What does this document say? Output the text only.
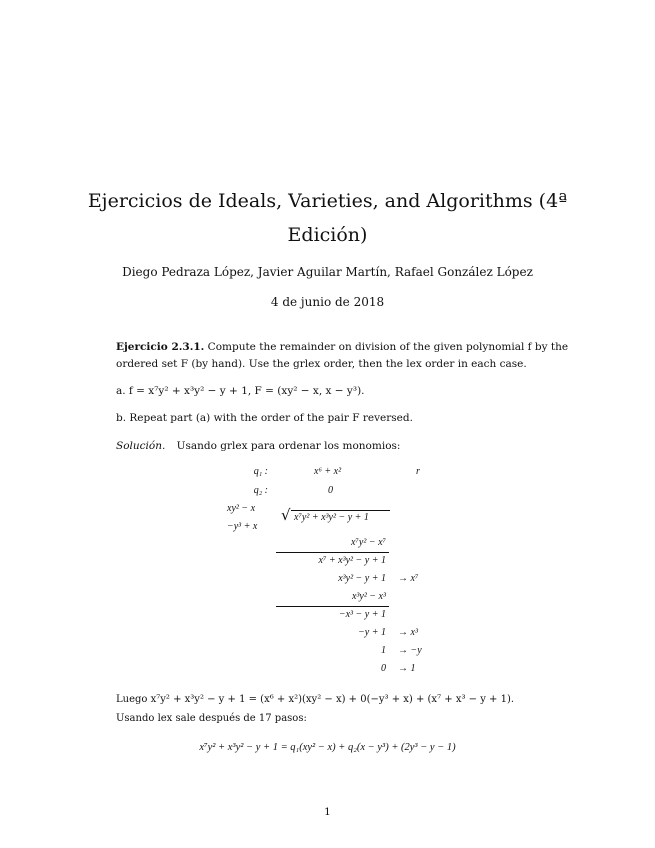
Ejercicios de Ideals, Varieties, and Algorithms (4ª
Edición)
Diego Pedraza López, Javier Aguilar Martín, Rafael González López
4 de junio de 2018
Ejercicio 2.3.1. Compute the remainder on division of the given polynomial f by the
ordered set F (by hand). Use the grlex order, then the lex order in each case.
a. f = x⁷y² + x³y² − y + 1, F = (xy² − x, x − y³).
b. Repeat part (a) with the order of the pair F reversed.
Solución. Usando grlex para ordenar los monomios:
q₁ :	x⁶ + x²	r
q₂ :	0
xy² − x
−y³ + x
√ x⁷y² + x³y² − y + 1
x⁷y² − x⁷
x⁷ + x³y² − y + 1
x³y² − y + 1 → x⁷
x³y² − x³
−x³ − y + 1
−y + 1 → x³
1 → −y
0 → 1
Luego x⁷y² + x³y² − y + 1 = (x⁶ + x²)(xy² − x) + 0(−y³ + x) + (x⁷ + x³ − y + 1).
Usando lex sale después de 17 pasos:
x⁷y² + x³y² − y + 1 = q₁(xy² − x) + q₂(x − y³) + (2y³ − y − 1)
1
